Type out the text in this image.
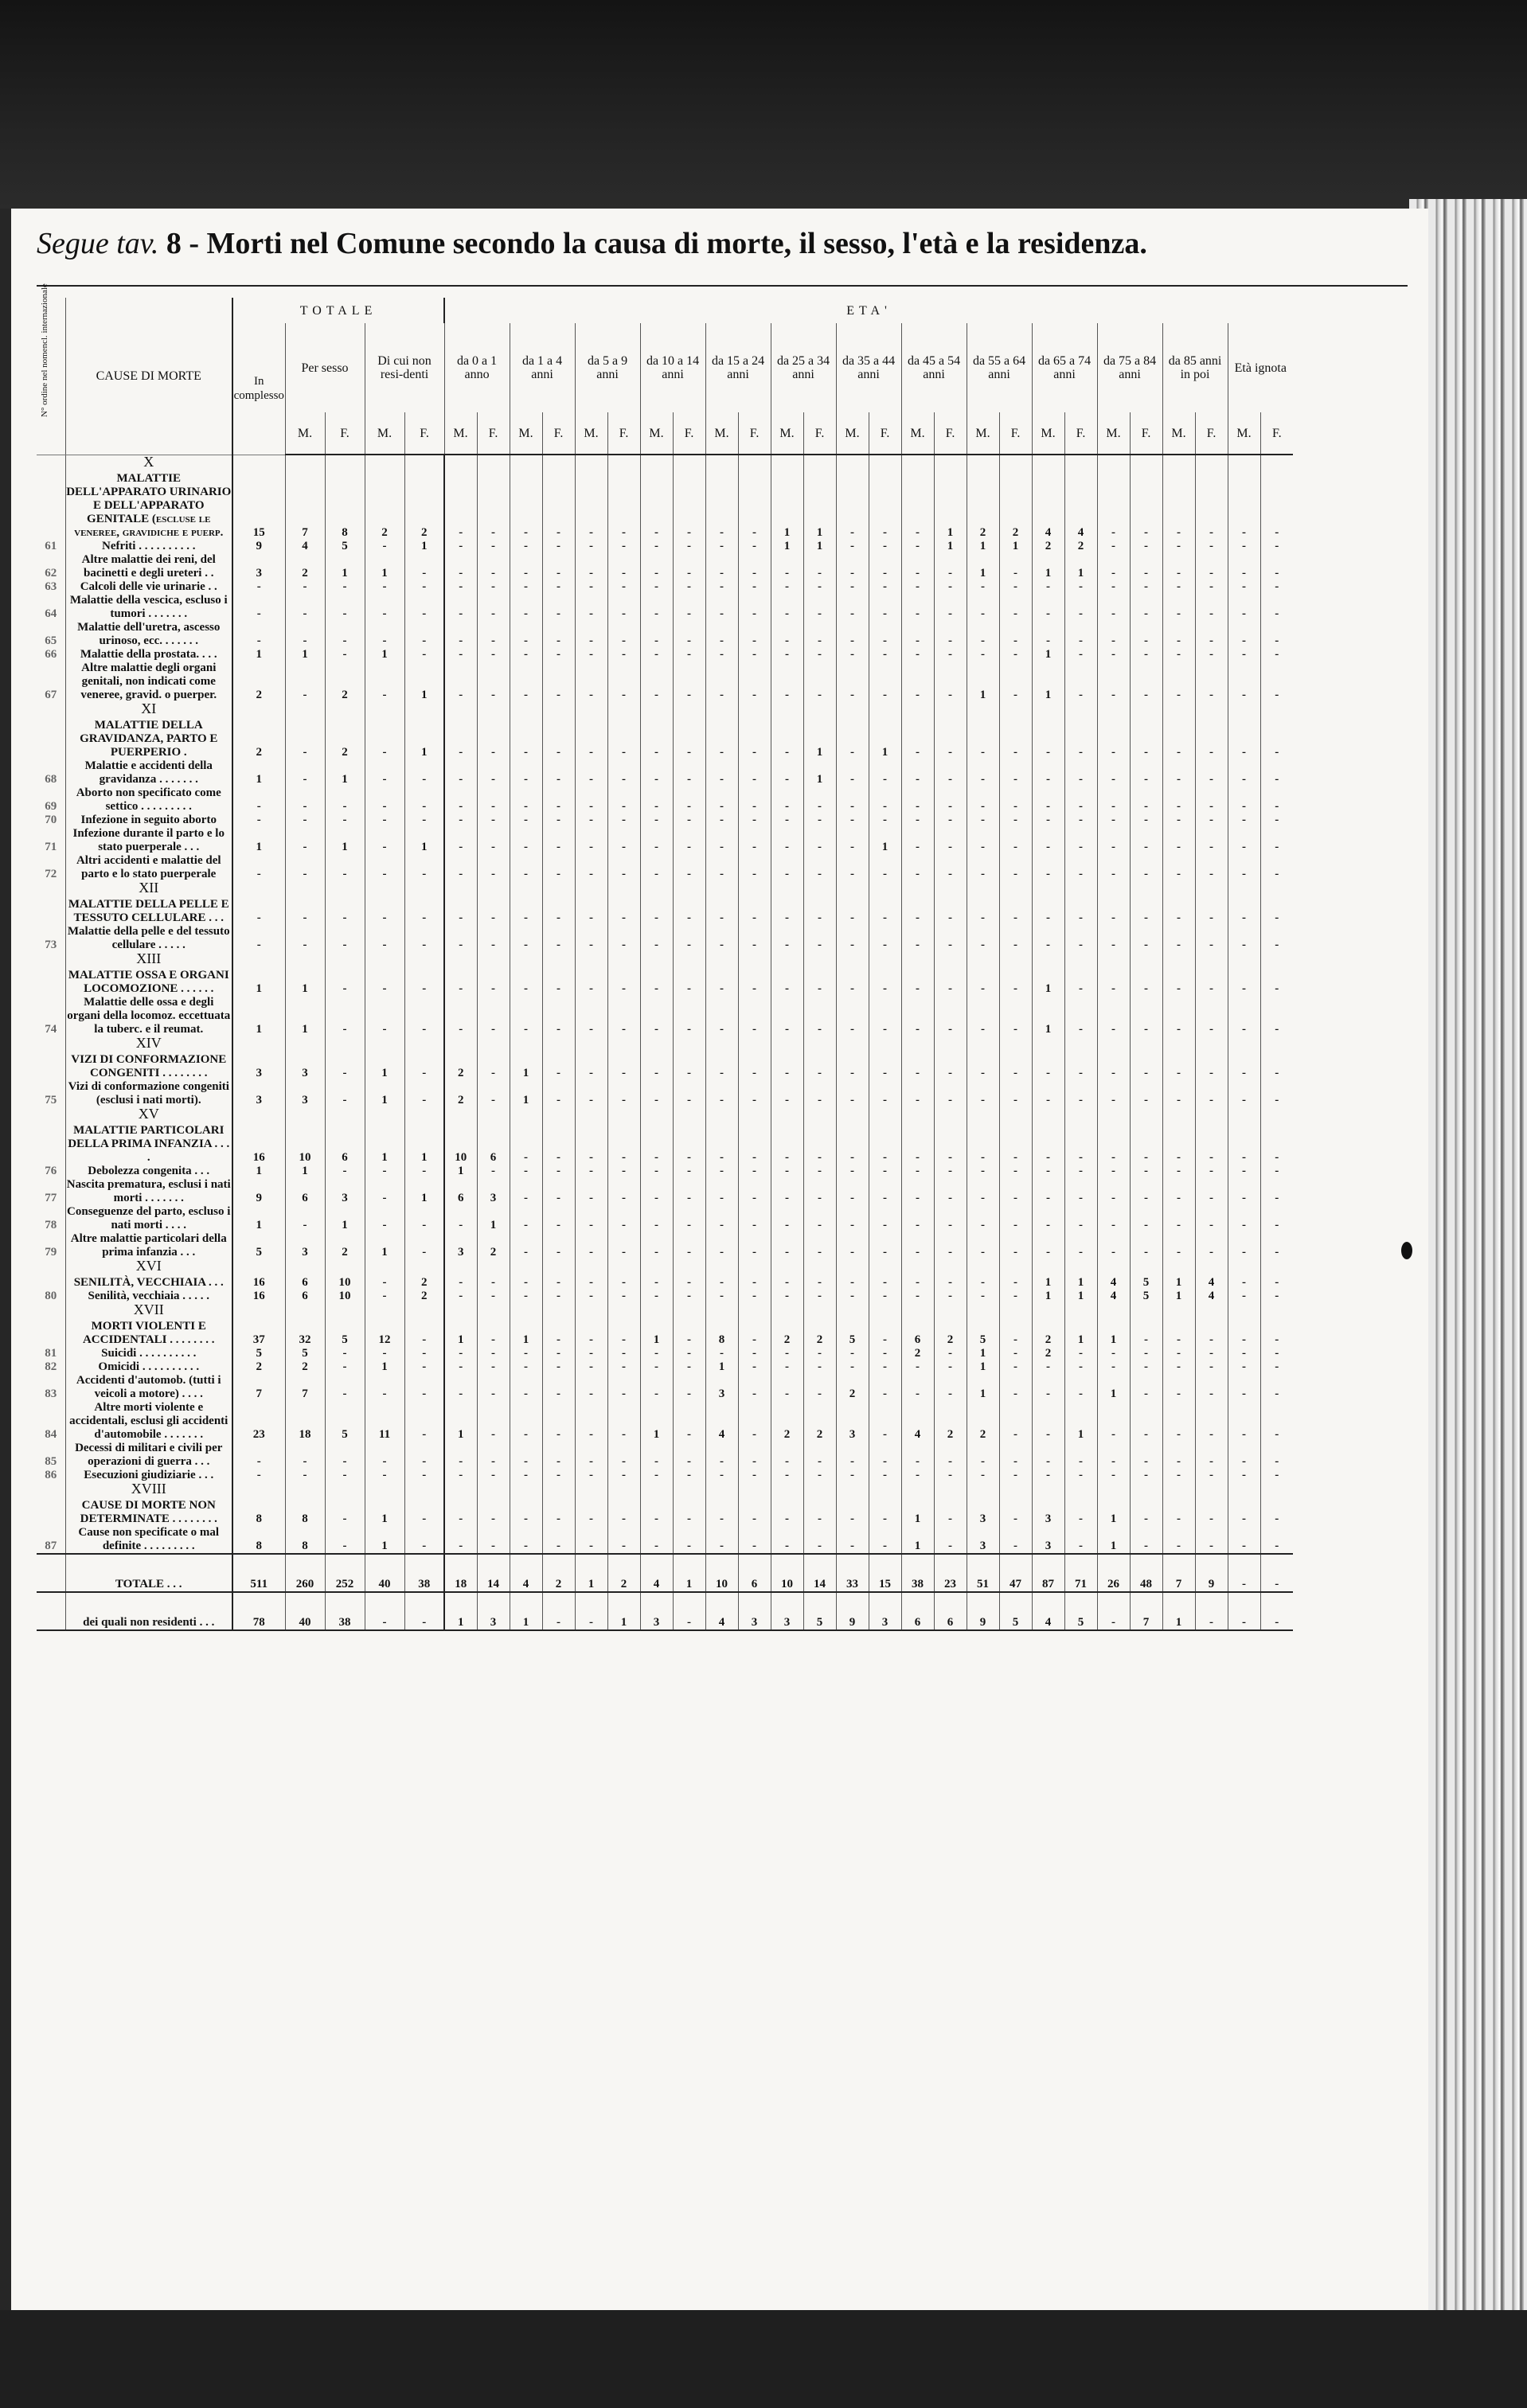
Segue tav. 8 - Morti nel Comune secondo la causa di morte, il sesso, l'età e la residenza.
N° ordine nel nomencl. internazionale
		CAUSE DI MORTE	TOTALE					ETA'																									
		In complesso	Per sesso		Di cui non resi-denti		da 0 a 1 anno		da 1 a 4 anni		da 5 a 9 anni		da 10 a 14 anni		da 15 a 24 anni		da 25 a 34 anni		da 35 a 44 anni		da 45 a 54 anni		da 55 a 64 anni		da 65 a 74 anni		da 75 a 84 anni		da 85 anni in poi		Età ignota	
			M.	F.	M.	F.	M.	F.	M.	F.	M.	F.	M.	F.	M.	F.	M.	F.	M.	F.	M.	F.	M.	F.	M.	F.	M.	F.	M.	F.	M.	F.

	X
MALATTIE DELL'APPARATO URINARIO E DELL'APPARATO GENITALE (escluse le veneree, gravidiche e puerp.	15	7	8	2	2	-	-	-	-	-	-	-	-	-	-	1	1	-	-	-	1	2	2	4	4	-	-	-	-	-	-
61	Nefriti . . . . . . . . . .	9	4	5	-	1	-	-	-	-	-	-	-	-	-	-	1	1	-	-	-	1	1	1	2	2	-	-	-	-	-	-
62	Altre malattie dei reni, del bacinetti e degli ureteri . .	3	2	1	1	-	-	-	-	-	-	-	-	-	-	-	-	-	-	-	-	-	1	-	1	1	-	-	-	-	-	-
63	Calcoli delle vie urinarie . .	-	-	-	-	-	-	-	-	-	-	-	-	-	-	-	-	-	-	-	-	-	-	-	-	-	-	-	-	-	-	-
64	Malattie della vescica, escluso i tumori . . . . . . .	-	-	-	-	-	-	-	-	-	-	-	-	-	-	-	-	-	-	-	-	-	-	-	-	-	-	-	-	-	-	-
65	Malattie dell'uretra, ascesso urinoso, ecc. . . . . . .	-	-	-	-	-	-	-	-	-	-	-	-	-	-	-	-	-	-	-	-	-	-	-	-	-	-	-	-	-	-	-
66	Malattie della prostata. . . .	1	1	-	1	-	-	-	-	-	-	-	-	-	-	-	-	-	-	-	-	-	-	-	1	-	-	-	-	-	-	-
67	Altre malattie degli organi genitali, non indicati come veneree, gravid. o puerper.	2	-	2	-	1	-	-	-	-	-	-	-	-	-	-	-	-	-	-	-	-	1	-	1	-	-	-	-	-	-	-

	XI
MALATTIE DELLA GRAVIDANZA, PARTO E PUERPERIO .	2	-	2	-	1	-	-	-	-	-	-	-	-	-	-	-	1	-	1	-	-	-	-	-	-	-	-	-	-	-	-
68	Malattie e accidenti della gravidanza . . . . . . .	1	-	1	-	-	-	-	-	-	-	-	-	-	-	-	-	1	-	-	-	-	-	-	-	-	-	-	-	-	-	-
69	Aborto non specificato come settico . . . . . . . . .	-	-	-	-	-	-	-	-	-	-	-	-	-	-	-	-	-	-	-	-	-	-	-	-	-	-	-	-	-	-	-
70	Infezione in seguito aborto	-	-	-	-	-	-	-	-	-	-	-	-	-	-	-	-	-	-	-	-	-	-	-	-	-	-	-	-	-	-	-
71	Infezione durante il parto e lo stato puerperale . . .	1	-	1	-	1	-	-	-	-	-	-	-	-	-	-	-	-	-	1	-	-	-	-	-	-	-	-	-	-	-	-
72	Altri accidenti e malattie del parto e lo stato puerperale	-	-	-	-	-	-	-	-	-	-	-	-	-	-	-	-	-	-	-	-	-	-	-	-	-	-	-	-	-	-	-

	XII
MALATTIE DELLA PELLE E TESSUTO CELLULARE . . .	-	-	-	-	-	-	-	-	-	-	-	-	-	-	-	-	-	-	-	-	-	-	-	-	-	-	-	-	-	-	-
73	Malattie della pelle e del tessuto cellulare . . . . .	-	-	-	-	-	-	-	-	-	-	-	-	-	-	-	-	-	-	-	-	-	-	-	-	-	-	-	-	-	-	-

	XIII
MALATTIE OSSA E ORGANI LOCOMOZIONE . . . . . .	1	1	-	-	-	-	-	-	-	-	-	-	-	-	-	-	-	-	-	-	-	-	-	1	-	-	-	-	-	-	-
74	Malattie delle ossa e degli organi della locomoz. eccettuata la tuberc. e il reumat.	1	1	-	-	-	-	-	-	-	-	-	-	-	-	-	-	-	-	-	-	-	-	-	1	-	-	-	-	-	-	-

	XIV
VIZI DI CONFORMAZIONE CONGENITI . . . . . . . .	3	3	-	1	-	2	-	1	-	-	-	-	-	-	-	-	-	-	-	-	-	-	-	-	-	-	-	-	-	-	-
75	Vizi di conformazione congeniti (esclusi i nati morti).	3	3	-	1	-	2	-	1	-	-	-	-	-	-	-	-	-	-	-	-	-	-	-	-	-	-	-	-	-	-	-

	XV
MALATTIE PARTICOLARI DELLA PRIMA INFANZIA . . . .	16	10	6	1	1	10	6	-	-	-	-	-	-	-	-	-	-	-	-	-	-	-	-	-	-	-	-	-	-	-	-
76	Debolezza congenita . . .	1	1	-	-	-	1	-	-	-	-	-	-	-	-	-	-	-	-	-	-	-	-	-	-	-	-	-	-	-	-	-
77	Nascita prematura, esclusi i nati morti . . . . . . .	9	6	3	-	1	6	3	-	-	-	-	-	-	-	-	-	-	-	-	-	-	-	-	-	-	-	-	-	-	-	-
78	Conseguenze del parto, escluso i nati morti . . . .	1	-	1	-	-	-	1	-	-	-	-	-	-	-	-	-	-	-	-	-	-	-	-	-	-	-	-	-	-	-	-
79	Altre malattie particolari della prima infanzia . . .	5	3	2	1	-	3	2	-	-	-	-	-	-	-	-	-	-	-	-	-	-	-	-	-	-	-	-	-	-	-	-

	XVI
SENILITÀ, VECCHIAIA . . .	16	6	10	-	2	-	-	-	-	-	-	-	-	-	-	-	-	-	-	-	-	-	-	1	1	4	5	1	4	-	-
80	Senilità, vecchiaia . . . . .	16	6	10	-	2	-	-	-	-	-	-	-	-	-	-	-	-	-	-	-	-	-	-	1	1	4	5	1	4	-	-

	XVII
MORTI VIOLENTI E ACCIDENTALI . . . . . . . .	37	32	5	12	-	1	-	1	-	-	-	1	-	8	-	2	2	5	-	6	2	5	-	2	1	1	-	-	-	-	-
81	Suicidi . . . . . . . . . .	5	5	-	-	-	-	-	-	-	-	-	-	-	-	-	-	-	-	-	2	-	1	-	2	-	-	-	-	-	-	-
82	Omicidi . . . . . . . . . .	2	2	-	1	-	-	-	-	-	-	-	-	-	1	-	-	-	-	-	-	-	1	-	-	-	-	-	-	-	-	-
83	Accidenti d'automob. (tutti i veicoli a motore) . . . .	7	7	-	-	-	-	-	-	-	-	-	-	-	3	-	-	-	2	-	-	-	1	-	-	-	1	-	-	-	-	-
84	Altre morti violente e accidentali, esclusi gli accidenti d'automobile . . . . . . .	23	18	5	11	-	1	-	-	-	-	-	1	-	4	-	2	2	3	-	4	2	2	-	-	1	-	-	-	-	-	-
85	Decessi di militari e civili per operazioni di guerra . . .	-	-	-	-	-	-	-	-	-	-	-	-	-	-	-	-	-	-	-	-	-	-	-	-	-	-	-	-	-	-	-
86	Esecuzioni giudiziarie . . .	-	-	-	-	-	-	-	-	-	-	-	-	-	-	-	-	-	-	-	-	-	-	-	-	-	-	-	-	-	-	-

	XVIII
CAUSE DI MORTE NON DETERMINATE . . . . . . . .	8	8	-	1	-	-	-	-	-	-	-	-	-	-	-	-	-	-	-	1	-	3	-	3	-	1	-	-	-	-	-
87	Cause non specificate o mal definite . . . . . . . . .	8	8	-	1	-	-	-	-	-	-	-	-	-	-	-	-	-	-	-	1	-	3	-	3	-	1	-	-	-	-	-
	TOTALE . . .	511	260	252	40	38	18	14	4	2	1	2	4	1	10	6	10	14	33	15	38	23	51	47	87	71	26	48	7	9	-	-
	dei quali non residenti . . .	78	40	38	-	-	1	3	1	-	-	1	3	-	4	3	3	5	9	3	6	6	9	5	4	5	-	7	1	-	-	-
